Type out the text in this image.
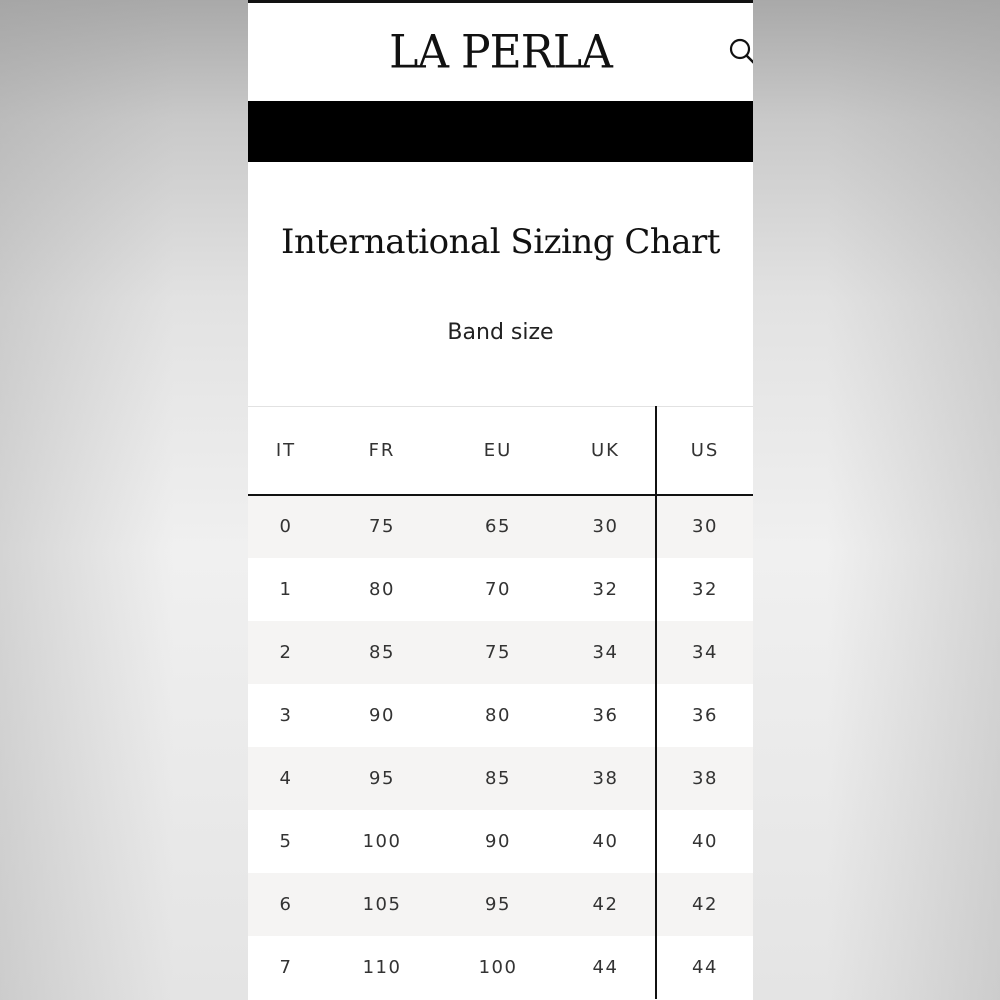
LA PERLA
International Sizing Chart
Band size
IT	FR	EU	UK	US
0	75	65	30	30
1	80	70	32	32
2	85	75	34	34
3	90	80	36	36
4	95	85	38	38
5	100	90	40	40
6	105	95	42	42
7	110	100	44	44
